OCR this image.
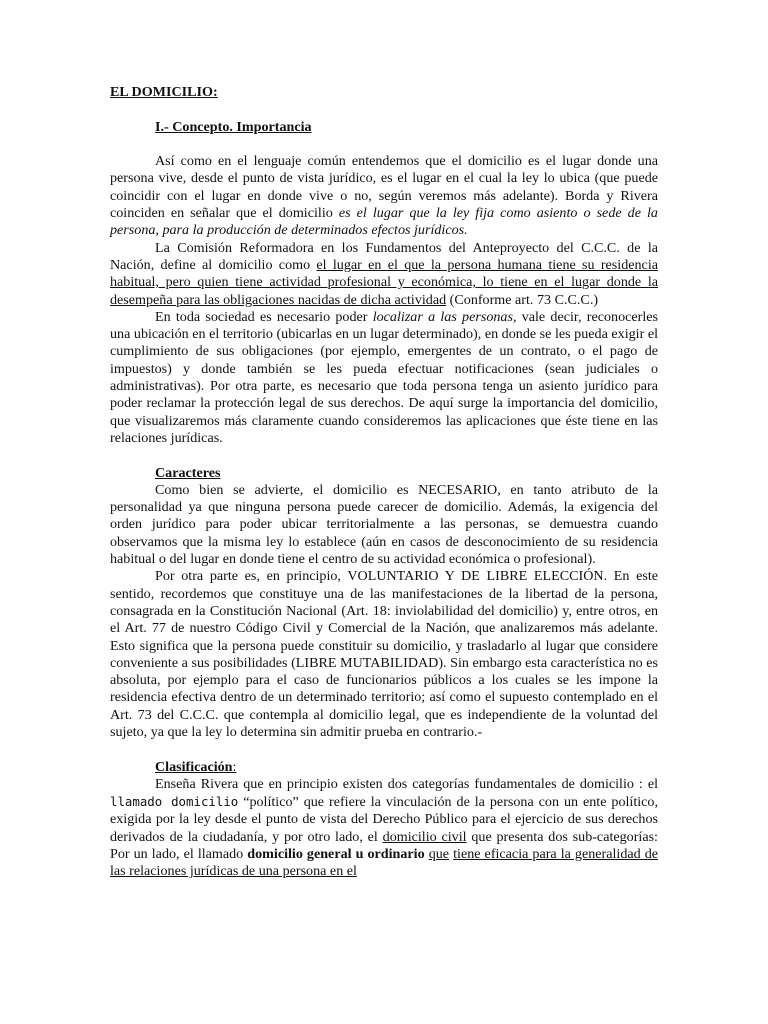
EL DOMICILIO:

I.- Concepto. Importancia

Así como en el lenguaje común entendemos que el domicilio es el lugar donde una persona vive, desde el punto de vista jurídico, es el lugar en el cual la ley lo ubica (que puede coincidir con el lugar en donde vive o no, según veremos más adelante). Borda y Rivera coinciden en señalar que el domicilio es el lugar que la ley fija como asiento o sede de la persona, para la producción de determinados efectos jurídicos.

La Comisión Reformadora en los Fundamentos del Anteproyecto del C.C.C. de la Nación, define al domicilio como el lugar en el que la persona humana tiene su residencia habitual, pero quien tiene actividad profesional y económica, lo tiene en el lugar donde la desempeña para las obligaciones nacidas de dicha actividad (Conforme art. 73 C.C.C.)

En toda sociedad es necesario poder localizar a las personas, vale decir, reconocerles una ubicación en el territorio (ubicarlas en un lugar determinado), en donde se les pueda exigir el cumplimiento de sus obligaciones (por ejemplo, emergentes de un contrato, o el pago de impuestos) y donde también se les pueda efectuar notificaciones (sean judiciales o administrativas). Por otra parte, es necesario que toda persona tenga un asiento jurídico para poder reclamar la protección legal de sus derechos. De aquí surge la importancia del domicilio, que visualizaremos más claramente cuando consideremos las aplicaciones que éste tiene en las relaciones jurídicas.

Caracteres

Como bien se advierte, el domicilio es NECESARIO, en tanto atributo de la personalidad ya que ninguna persona puede carecer de domicilio. Además, la exigencia del orden jurídico para poder ubicar territorialmente a las personas, se demuestra cuando observamos que la misma ley lo establece (aún en casos de desconocimiento de su residencia habitual o del lugar en donde tiene el centro de su actividad económica o profesional).

Por otra parte es, en principio, VOLUNTARIO Y DE LIBRE ELECCIÓN. En este sentido, recordemos que constituye una de las manifestaciones de la libertad de la persona, consagrada en la Constitución Nacional (Art. 18: inviolabilidad del domicilio) y, entre otros, en el Art. 77 de nuestro Código Civil y Comercial de la Nación, que analizaremos más adelante. Esto significa que la persona puede constituir su domicilio, y trasladarlo al lugar que considere conveniente a sus posibilidades (LIBRE MUTABILIDAD). Sin embargo esta característica no es absoluta, por ejemplo para el caso de funcionarios públicos a los cuales se les impone la residencia efectiva dentro de un determinado territorio; así como el supuesto contemplado en el Art. 73 del C.C.C. que contempla al domicilio legal, que es independiente de la voluntad del sujeto, ya que la ley lo determina sin admitir prueba en contrario.-

Clasificación:

Enseña Rivera que en principio existen dos categorías fundamentales de domicilio : el llamado domicilio “político” que refiere la vinculación de la persona con un ente político, exigida por la ley desde el punto de vista del Derecho Público para el ejercicio de sus derechos derivados de la ciudadanía, y por otro lado, el domicilio civil que presenta dos sub-categorías: Por un lado, el llamado domicilio general u ordinario que tiene eficacia para la generalidad de las relaciones jurídicas de una persona en el
